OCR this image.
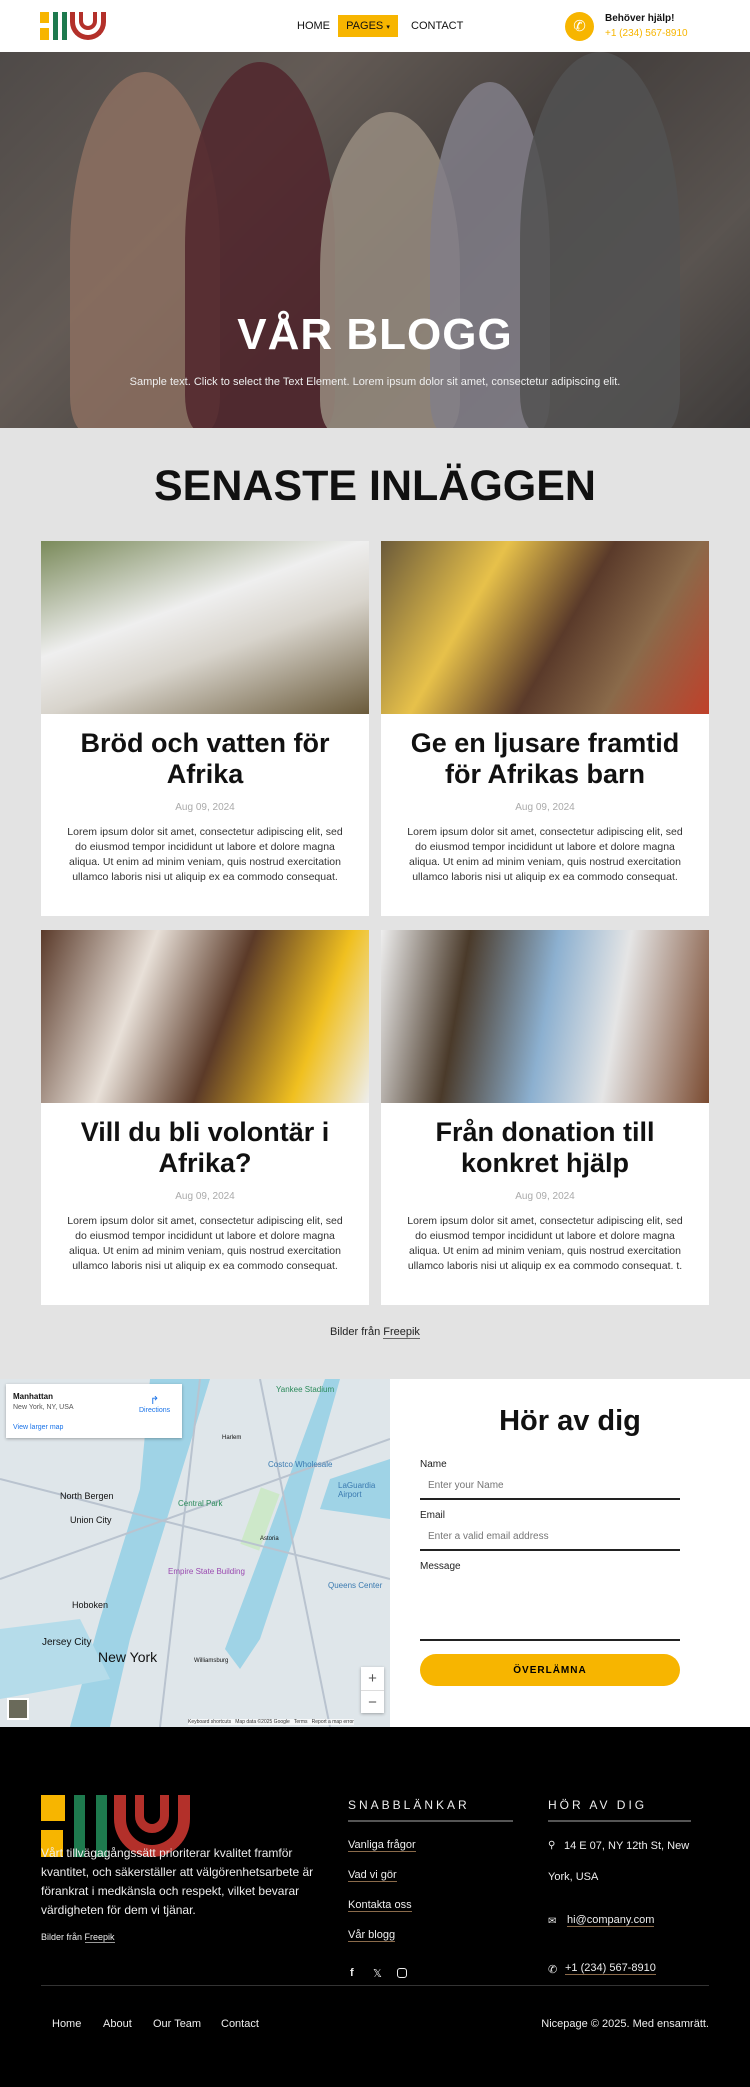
HOME	PAGES ▾	CONTACT	✆	Behöver hjälp!
+1 (234) 567-8910
VÅR BLOGG

Sample text. Click to select the Text Element. Lorem ipsum dolor sit amet, consectetur adipiscing elit.

SENASTE INLÄGGEN
Bröd och vatten för Afrika
Aug 09, 2024

Lorem ipsum dolor sit amet, consectetur adipiscing elit, sed do eiusmod tempor incididunt ut labore et dolore magna aliqua. Ut enim ad minim veniam, quis nostrud exercitation ullamco laboris nisi ut aliquip ex ea commodo consequat.

Ge en ljusare framtid för Afrikas barn
Aug 09, 2024

Lorem ipsum dolor sit amet, consectetur adipiscing elit, sed do eiusmod tempor incididunt ut labore et dolore magna aliqua. Ut enim ad minim veniam, quis nostrud exercitation ullamco laboris nisi ut aliquip ex ea commodo consequat.

Vill du bli volontär i Afrika?
Aug 09, 2024

Lorem ipsum dolor sit amet, consectetur adipiscing elit, sed do eiusmod tempor incididunt ut labore et dolore magna aliqua. Ut enim ad minim veniam, quis nostrud exercitation ullamco laboris nisi ut aliquip ex ea commodo consequat.

Från donation till konkret hjälp
Aug 09, 2024

Lorem ipsum dolor sit amet, consectetur adipiscing elit, sed do eiusmod tempor incididunt ut labore et dolore magna aliqua. Ut enim ad minim veniam, quis nostrud exercitation ullamco laboris nisi ut aliquip ex ea commodo consequat. t.

Bilder från Freepik
New York
Jersey City
Hoboken
Union City
North Bergen
Central Park
Empire State Building
LaGuardia Airport
Yankee Stadium
Queens Center
Costco Wholesale
Astoria
Williamsburg
Harlem
Manhattan
New York, NY, USA
View larger map
↱
Directions
+
−
Keyboard shortcuts   Map data ©2025 Google   Terms   Report a map error
Hör av dig
Name
Enter your Name
Email
Enter a valid email address
Message
ÖVERLÄMNA

Vårt tillvägagångssätt prioriterar kvalitet framför kvantitet, och säkerställer att välgörenhetsarbete är förankrat i medkänsla och respekt, vilket bevarar värdigheten för dem vi tjänar.

Bilder från Freepik
SNABBLÄNKAR
Vanliga frågor
Vad vi gör
Kontakta oss
Vår blogg
f 𝕏
HÖR AV DIG
⚲ 14 E 07, NY 12th St, New York, USA
✉ hi@company.com
✆ +1 (234) 567-8910
Home About Our Team Contact	Nicepage © 2025. Med ensamrätt.
